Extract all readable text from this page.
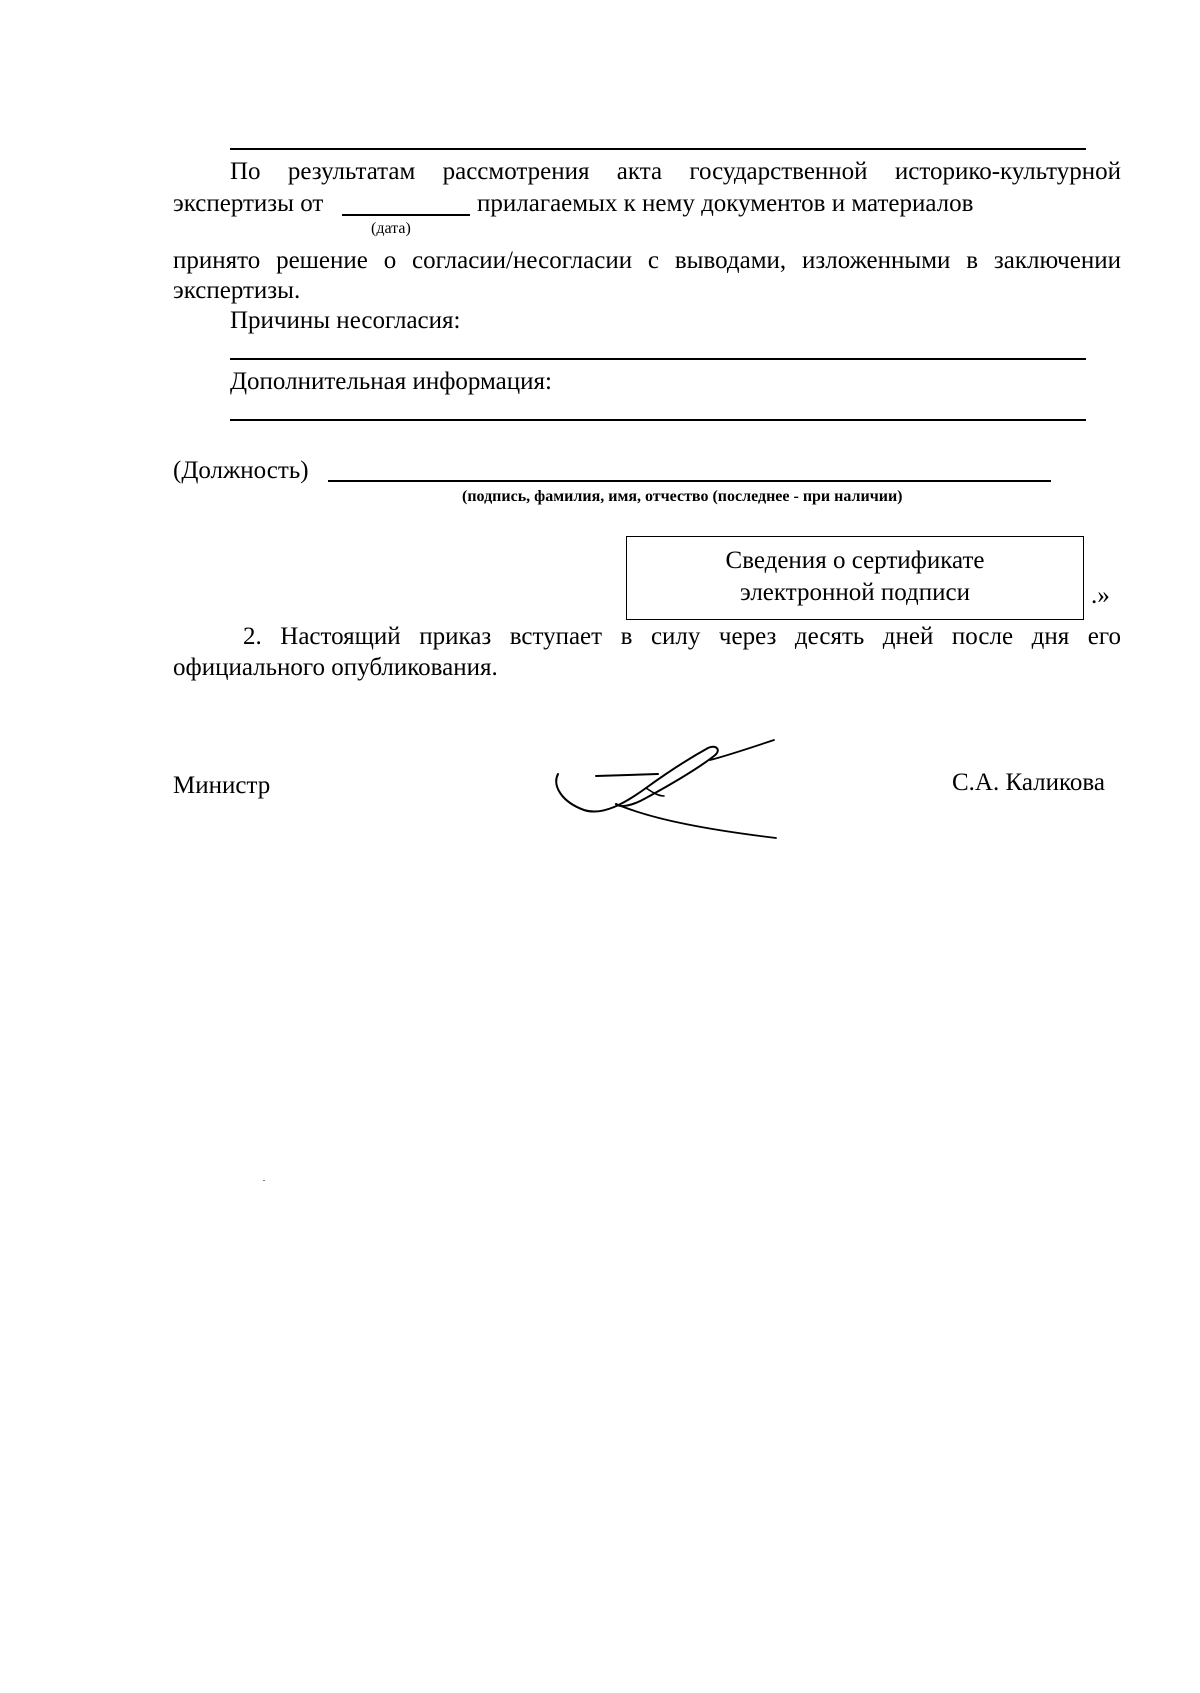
По результатам рассмотрения акта государственной историко-культурной
экспертизы от	прилагаемых к нему документов и материалов
(дата)
принято решение о согласии/несогласии с выводами, изложенными в заключении
экспертизы.
Причины несогласия:
Дополнительная информация:
(Должность)
(подпись, фамилия, имя, отчество (последнее - при наличии)
Сведения о сертификате
электронной подписи	.»
2. Настоящий приказ вступает в силу через десять дней после дня его
официального опубликования.
Министр	С.А. Каликова
